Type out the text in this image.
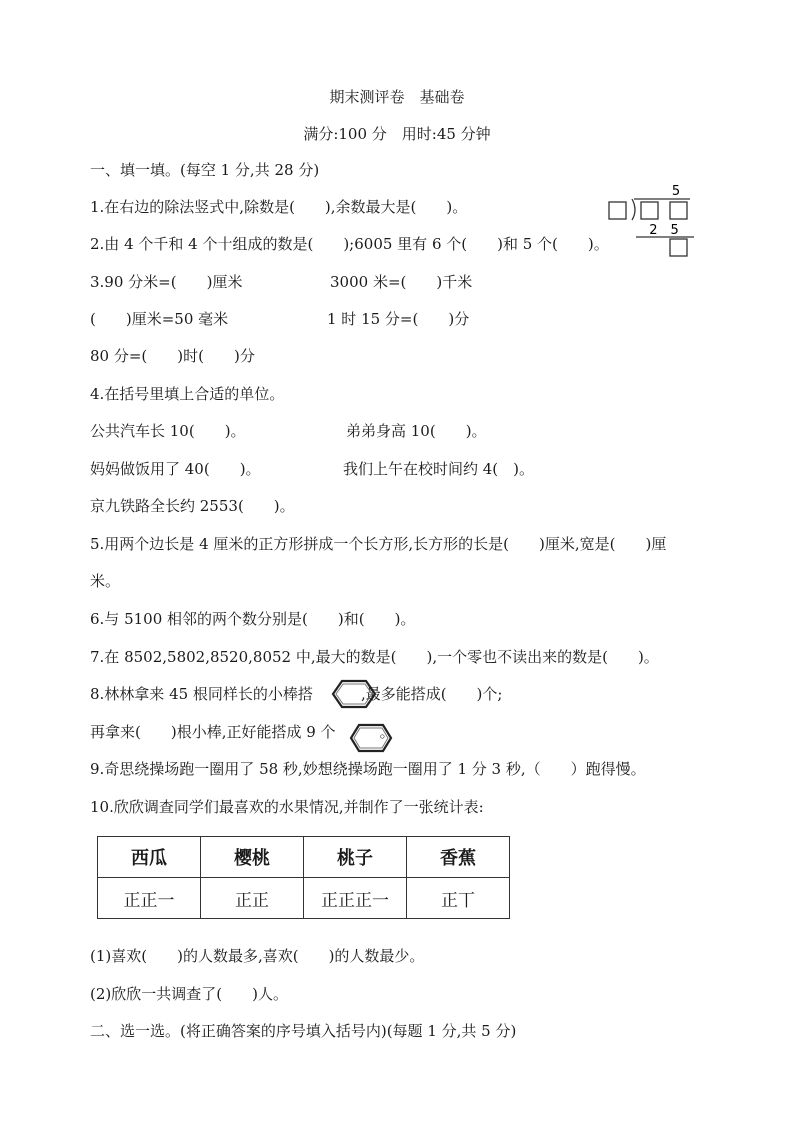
期末测评卷　基础卷
满分:100 分　用时:45 分钟
一、填一填。(每空 1 分,共 28 分)
1.在右边的除法竖式中,除数是(　　),余数最大是(　　)。
5
2　5
2.由 4 个千和 4 个十组成的数是(　　);6005 里有 6 个(　　)和 5 个(　　)。
3.90 分米=(　　)厘米	3000 米=(　　)千米
(　　)厘米=50 毫米	1 时 15 分=(　　)分
80 分=(　　)时(　　)分
4.在括号里填上合适的单位。
公共汽车长 10(　　)。	弟弟身高 10(　　)。
妈妈做饭用了 40(　　)。	我们上午在校时间约 4(　)。
京九铁路全长约 2553(　　)。
5.用两个边长是 4 厘米的正方形拼成一个长方形,长方形的长是(　　)厘米,宽是(　　)厘
米。
6.与 5100 相邻的两个数分别是(　　)和(　　)。
7.在 8502,5802,8520,8052 中,最大的数是(　　),一个零也不读出来的数是(　　)。
8.林林拿来 45 根同样长的小棒搭	,最多能搭成(　　)个;
再拿来(　　)根小棒,正好能搭成 9 个	。
9.奇思绕操场跑一圈用了 58 秒,妙想绕操场跑一圈用了 1 分 3 秒,（　　）跑得慢。
10.欣欣调查同学们最喜欢的水果情况,并制作了一张统计表:
西瓜	樱桃	桃子	香蕉
正正一	正正	正正正一	正丅
(1)喜欢(　　)的人数最多,喜欢(　　)的人数最少。
(2)欣欣一共调查了(　　)人。
二、选一选。(将正确答案的序号填入括号内)(每题 1 分,共 5 分)
